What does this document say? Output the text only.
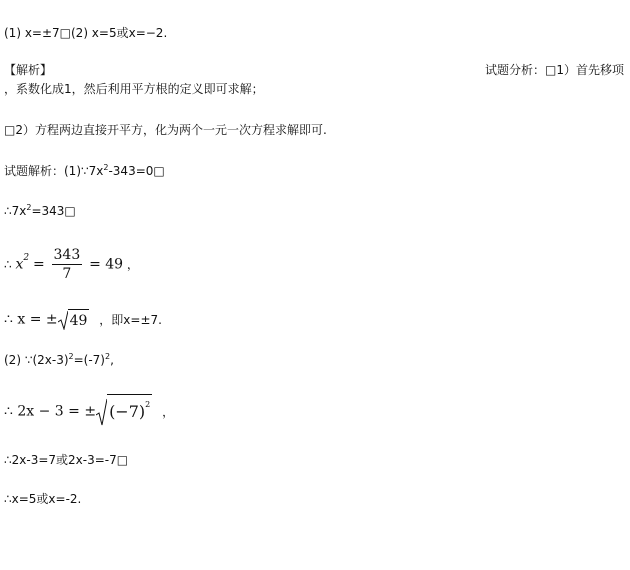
(1) x=±7□(2) x=5或x=−2.
【解析】	试题分析：□1）首先移项
，系数化成1，然后利用平方根的定义即可求解；
□2）方程两边直接开平方，化为两个一元一次方程求解即可.
试题解析：$(1)\because 7x^2-343=0□$
$\therefore 7x^2=343□$
∴ $x^2 = \frac{343}{7} = 49$ ，
∴ x = ± 49 ，即x=±7.
(2) $\because(2x-3)^2=(-7)^2$,
∴ 2x − 3 = ± $(-7)^2$ ，
∴2x-3=7或2x-3=-7□
∴x=5或x=-2.
